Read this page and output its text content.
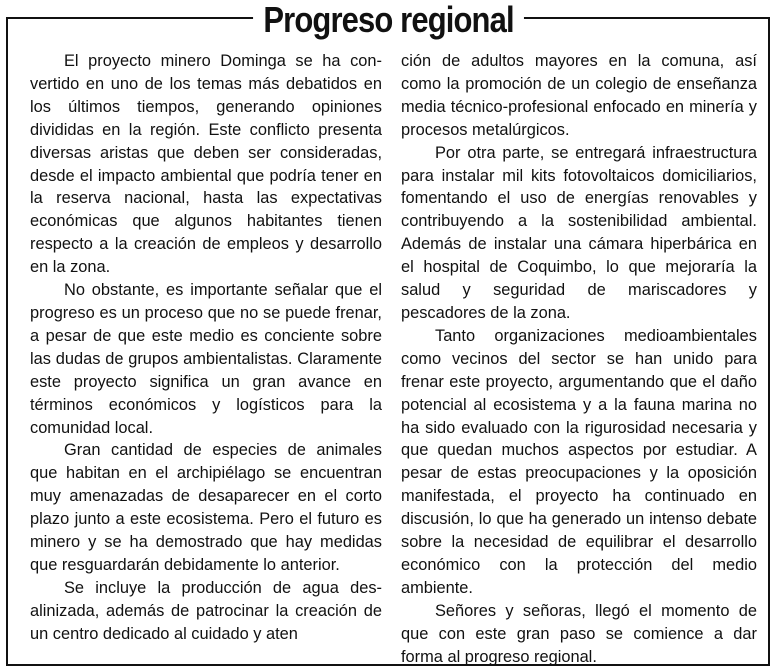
Progreso regional

El proyecto minero Dominga se ha convertido en uno de los temas más debatidos en los últimos tiempos, generando opiniones divididas en la región. Este conflicto presenta diversas aristas que deben ser consideradas, desde el impacto ambiental que podría tener en la reserva nacional, hasta las expectativas económicas que algunos habitantes tienen respecto a la creación de empleos y desarrollo en la zona.

No obstante, es importante señalar que el progreso es un proceso que no se puede frenar, a pesar de que este medio es conciente sobre las dudas de grupos ambientalistas. Claramente este proyecto significa un gran avance en términos económicos y logísticos para la comunidad local.

Gran cantidad de especies de animales que habitan en el archipiélago se encuentran muy amenazadas de desaparecer en el corto plazo junto a este ecosistema. Pero el futuro es minero y se ha demostrado que hay medidas que resguardarán debidamente lo anterior.

Se incluye la producción de agua desalinizada, además de patrocinar la creación de un centro dedicado al cuidado y aten

ción de adultos mayores en la comuna, así como la promoción de un colegio de enseñanza media técnico-profesional enfocado en minería y procesos metalúrgicos.

Por otra parte, se entregará infraestructura para instalar mil kits fotovoltaicos domiciliarios, fomentando el uso de energías renovables y contribuyendo a la sostenibilidad ambiental. Además de instalar una cámara hiperbárica en el hospital de Coquimbo, lo que mejoraría la salud y seguridad de mariscadores y pescadores de la zona.

Tanto organizaciones medioambientales como vecinos del sector se han unido para frenar este proyecto, argumentando que el daño potencial al ecosistema y a la fauna marina no ha sido evaluado con la rigurosidad necesaria y que quedan muchos aspectos por estudiar. A pesar de estas preocupaciones y la oposición manifestada, el proyecto ha continuado en discusión, lo que ha generado un intenso debate sobre la necesidad de equilibrar el desarrollo económico con la protección del medio ambiente.

Señores y señoras, llegó el momento de que con este gran paso se comience a dar forma al progreso regional.
